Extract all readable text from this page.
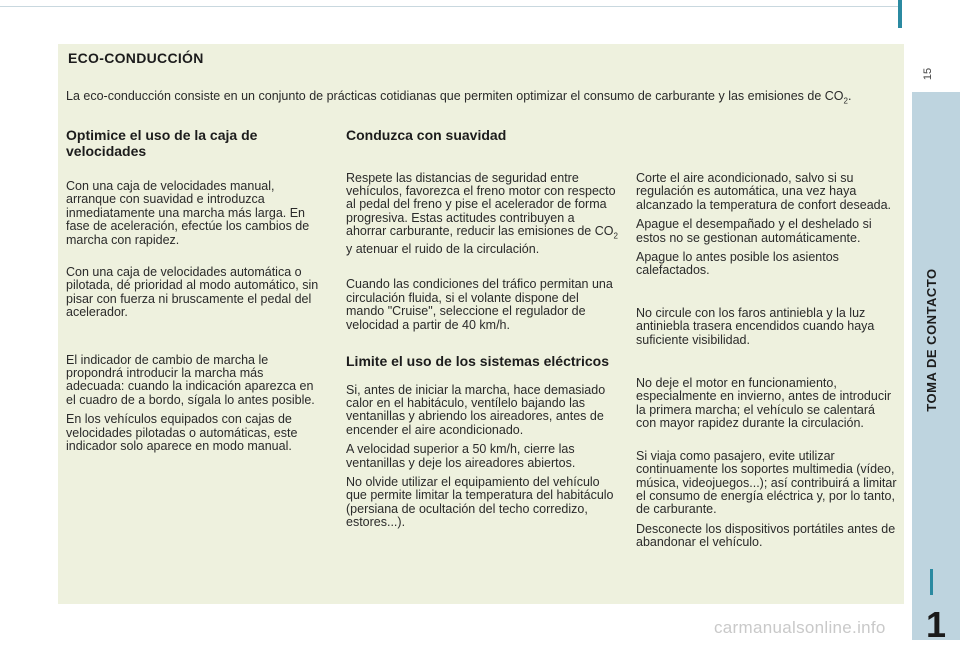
15
ECO-CONDUCCIÓN
La eco-conducción consiste en un conjunto de prácticas cotidianas que permiten optimizar el consumo de carburante y las emisiones de $CO_2$.
Optimice el uso de la caja de velocidades

Con una caja de velocidades manual, arranque con suavidad e introduzca inmediatamente una marcha más larga. En fase de aceleración, efectúe los cambios de marcha con rapidez.

Con una caja de velocidades automática o pilotada, dé prioridad al modo automático, sin pisar con fuerza ni bruscamente el pedal del acelerador.

El indicador de cambio de marcha le propondrá introducir la marcha más adecuada: cuando la indicación aparezca en el cuadro de a bordo, sígala lo antes posible.

En los vehículos equipados con cajas de velocidades pilotadas o automáticas, este indicador solo aparece en modo manual.

Conduzca con suavidad

Respete las distancias de seguridad entre vehículos, favorezca el freno motor con respecto al pedal del freno y pise el acelerador de forma progresiva. Estas actitudes contribuyen a ahorrar carburante, reducir las emisiones de $CO_2$ y atenuar el ruido de la circulación.

Cuando las condiciones del tráfico permitan una circulación fluida, si el volante dispone del mando "Cruise", seleccione el regulador de velocidad a partir de 40 km/h.

Limite el uso de los sistemas eléctricos

Si, antes de iniciar la marcha, hace demasiado calor en el habitáculo, ventílelo bajando las ventanillas y abriendo los aireadores, antes de encender el aire acondicionado.

A velocidad superior a 50 km/h, cierre las ventanillas y deje los aireadores abiertos.

No olvide utilizar el equipamiento del vehículo que permite limitar la temperatura del habitáculo (persiana de ocultación del techo corredizo, estores...).

Corte el aire acondicionado, salvo si su regulación es automática, una vez haya alcanzado la temperatura de confort deseada.

Apague el desempañado y el deshelado si estos no se gestionan automáticamente.

Apague lo antes posible los asientos calefactados.

No circule con los faros antiniebla y la luz antiniebla trasera encendidos cuando haya suficiente visibilidad.

No deje el motor en funcionamiento, especialmente en invierno, antes de introducir la primera marcha; el vehículo se calentará con mayor rapidez durante la circulación.

Si viaja como pasajero, evite utilizar continuamente los soportes multimedia (vídeo, música, videojuegos...); así contribuirá a limitar el consumo de energía eléctrica y, por lo tanto, de carburante.

Desconecte los dispositivos portátiles antes de abandonar el vehículo.

TOMA DE CONTACTO
1
carmanualsonline.info
